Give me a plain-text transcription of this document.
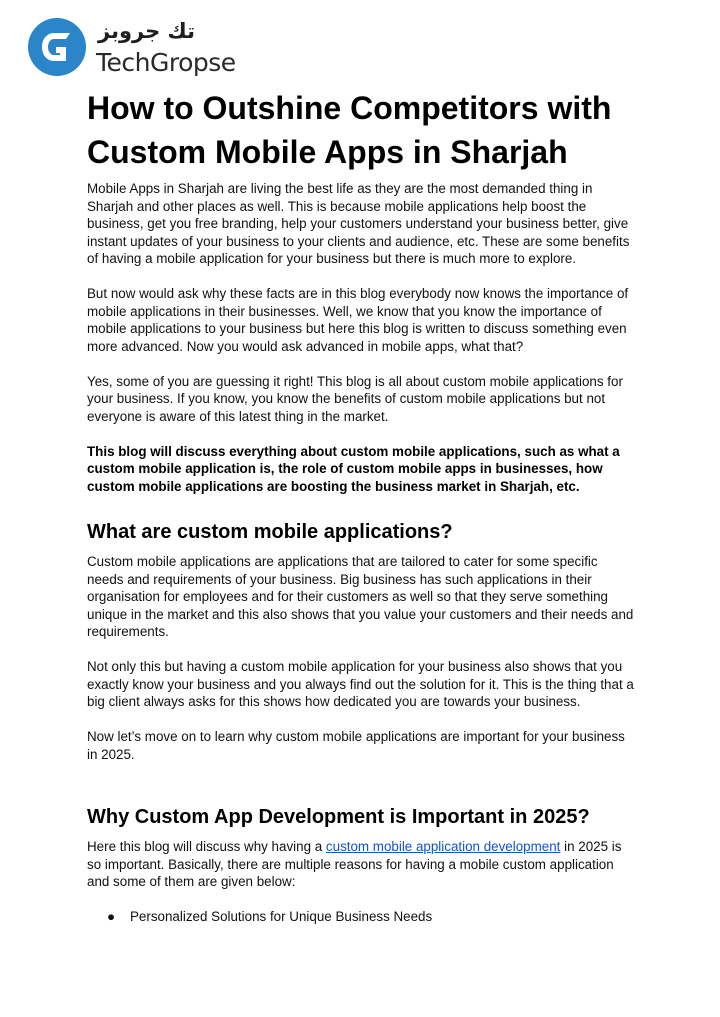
تك جروبز
TechGropse
How to Outshine Competitors with Custom Mobile Apps in Sharjah

Mobile Apps in Sharjah are living the best life as they are the most demanded thing in Sharjah and other places as well. This is because mobile applications help boost the business, get you free branding, help your customers understand your business better, give instant updates of your business to your clients and audience, etc. These are some benefits of having a mobile application for your business but there is much more to explore.

But now would ask why these facts are in this blog everybody now knows the importance of mobile applications in their businesses. Well, we know that you know the importance of mobile applications to your business but here this blog is written to discuss something even more advanced. Now you would ask advanced in mobile apps, what that?

Yes, some of you are guessing it right! This blog is all about custom mobile applications for your business. If you know, you know the benefits of custom mobile applications but not everyone is aware of this latest thing in the market.

This blog will discuss everything about custom mobile applications, such as what a custom mobile application is, the role of custom mobile apps in businesses, how custom mobile applications are boosting the business market in Sharjah, etc.

What are custom mobile applications?

Custom mobile applications are applications that are tailored to cater for some specific needs and requirements of your business. Big business has such applications in their organisation for employees and for their customers as well so that they serve something unique in the market and this also shows that you value your customers and their needs and requirements.

Not only this but having a custom mobile application for your business also shows that you exactly know your business and you always find out the solution for it. This is the thing that a big client always asks for this shows how dedicated you are towards your business.

Now let’s move on to learn why custom mobile applications are important for your business in 2025.

Why Custom App Development is Important in 2025?

Here this blog will discuss why having a custom mobile application development in 2025 is so important. Basically, there are multiple reasons for having a mobile custom application and some of them are given below:

● Personalized Solutions for Unique Business Needs
